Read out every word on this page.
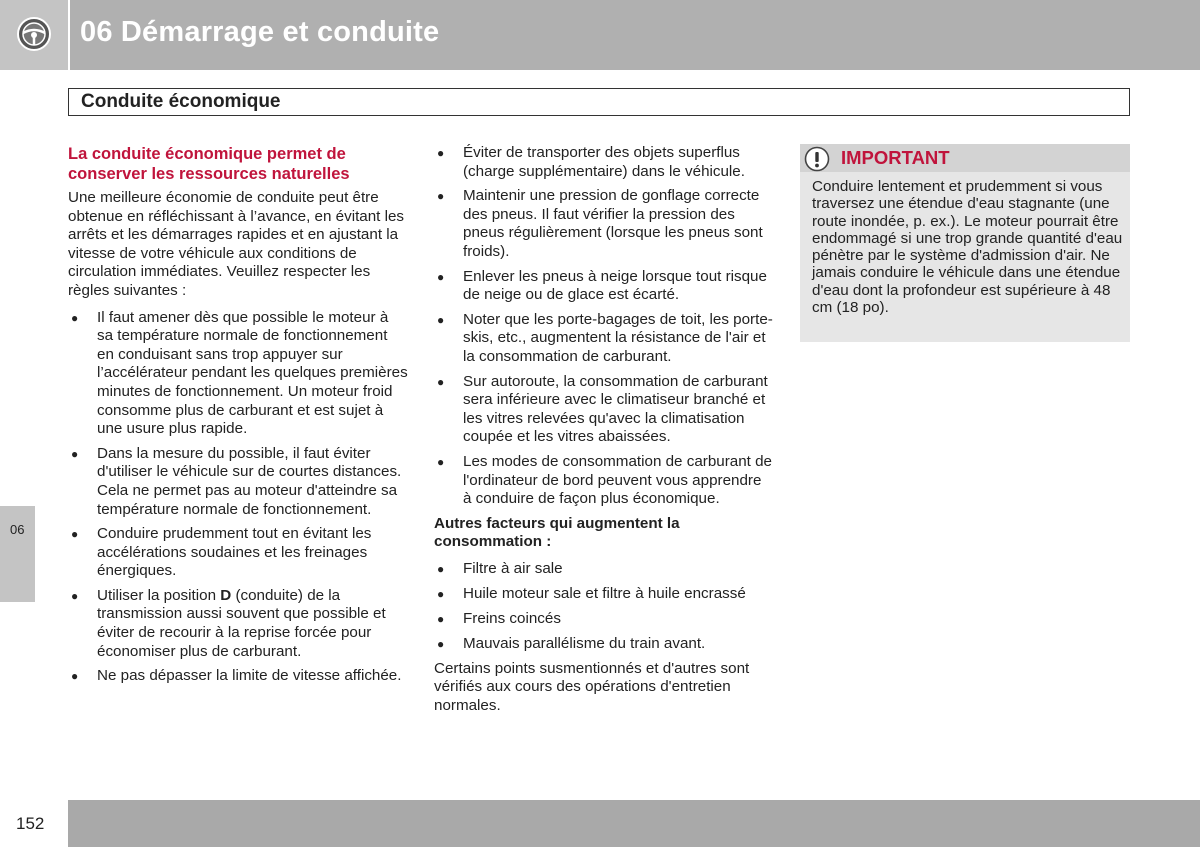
06 Démarrage et conduite
Conduite économique
La conduite économique permet de conserver les ressources naturelles

Une meilleure économie de conduite peut être obtenue en réfléchissant à l’avance, en évitant les arrêts et les démarrages rapides et en ajustant la vitesse de votre véhicule aux conditions de circulation immédiates. Veuillez respecter les règles suivantes :

● Il faut amener dès que possible le moteur à sa température normale de fonctionnement en conduisant sans trop appuyer sur l’accélérateur pendant les quelques premières minutes de fonctionnement. Un moteur froid consomme plus de carburant et est sujet à une usure plus rapide.
● Dans la mesure du possible, il faut éviter d'utiliser le véhicule sur de courtes distances. Cela ne permet pas au moteur d'atteindre sa température normale de fonctionnement.
● Conduire prudemment tout en évitant les accélérations soudaines et les freinages énergiques.
● Utiliser la position D (conduite) de la transmission aussi souvent que possible et éviter de recourir à la reprise forcée pour économiser plus de carburant.
● Ne pas dépasser la limite de vitesse affichée.
● Éviter de transporter des objets superflus (charge supplémentaire) dans le véhicule.
● Maintenir une pression de gonflage correcte des pneus. Il faut vérifier la pression des pneus régulièrement (lorsque les pneus sont froids).
● Enlever les pneus à neige lorsque tout risque de neige ou de glace est écarté.
● Noter que les porte-bagages de toit, les porte-skis, etc., augmentent la résistance de l'air et la consommation de carburant.
● Sur autoroute, la consommation de carburant sera inférieure avec le climatiseur branché et les vitres relevées qu'avec la climatisation coupée et les vitres abaissées.
● Les modes de consommation de carburant de l'ordinateur de bord peuvent vous apprendre à conduire de façon plus économique.
Autres facteurs qui augmentent la consommation :
● Filtre à air sale
● Huile moteur sale et filtre à huile encrassé
● Freins coincés
● Mauvais parallélisme du train avant.

Certains points susmentionnés et d'autres sont vérifiés aux cours des opérations d'entretien normales.

IMPORTANT
Conduire lentement et prudemment si vous traversez une étendue d'eau stagnante (une route inondée, p. ex.). Le moteur pourrait être endommagé si une trop grande quantité d'eau pénètre par le système d'admission d'air. Ne jamais conduire le véhicule dans une étendue d'eau dont la profondeur est supérieure à 48 cm (18 po).
06
152
